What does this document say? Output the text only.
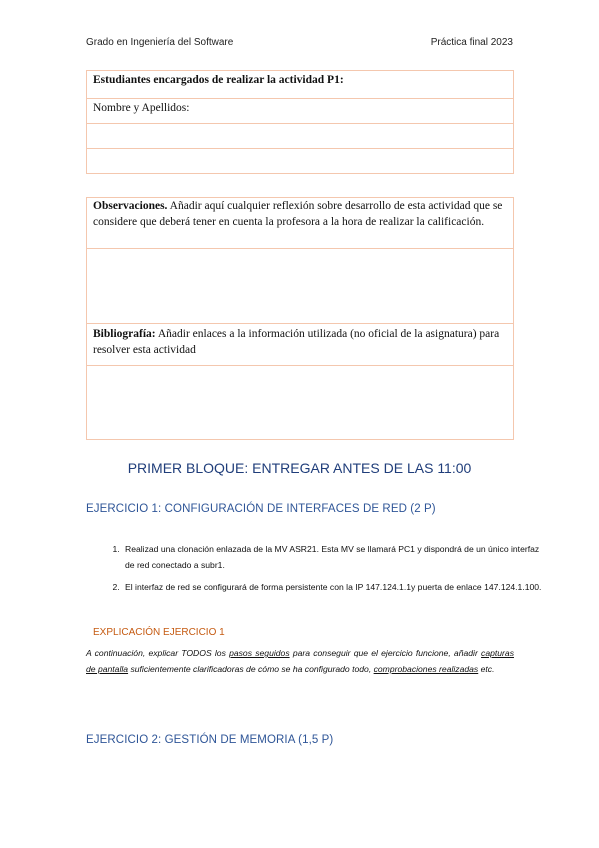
Grado en Ingeniería del Software	Práctica final 2023
Estudiantes encargados de realizar la actividad P1:
Nombre y Apellidos:
Observaciones. Añadir aquí cualquier reflexión sobre desarrollo de esta actividad que se considere que deberá tener en cuenta la profesora a la hora de realizar la calificación.
Bibliografía: Añadir enlaces a la información utilizada (no oficial de la asignatura) para resolver esta actividad
PRIMER BLOQUE: ENTREGAR ANTES DE LAS 11:00
EJERCICIO 1: CONFIGURACIÓN DE INTERFACES DE RED (2 P)
1. Realizad una clonación enlazada de la MV ASR21. Esta MV se llamará PC1 y dispondrá de un único interfaz de red conectado a subr1.
2. El interfaz de red se configurará de forma persistente con la IP 147.124.1.1y puerta de enlace 147.124.1.100.
EXPLICACIÓN EJERCICIO 1
A continuación, explicar TODOS los pasos seguidos para conseguir que el ejercicio funcione, añadir capturas de pantalla suficientemente clarificadoras de cómo se ha configurado todo, comprobaciones realizadas etc.
EJERCICIO 2: GESTIÓN DE MEMORIA (1,5 P)
